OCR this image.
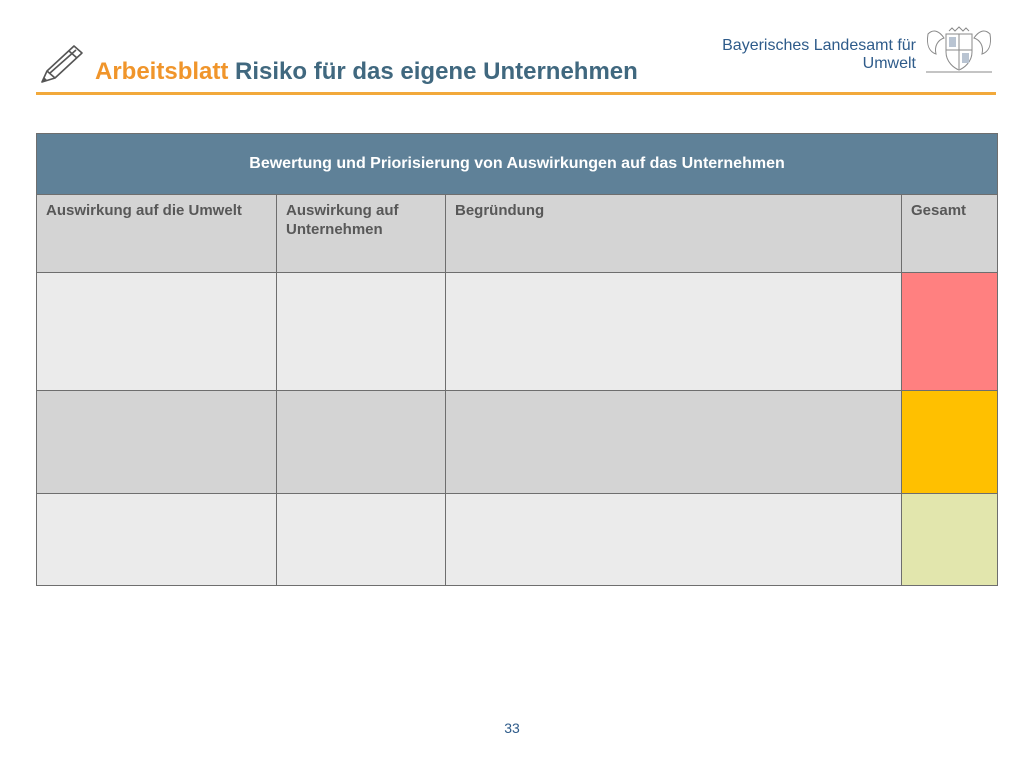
Arbeitsblatt Risiko für das eigene Unternehmen
Bayerisches Landesamt für
Umwelt
Bewertung und Priorisierung von Auswirkungen auf das Unternehmen			
Auswirkung auf die Umwelt	Auswirkung auf Unternehmen	Begründung	Gesamt

33
